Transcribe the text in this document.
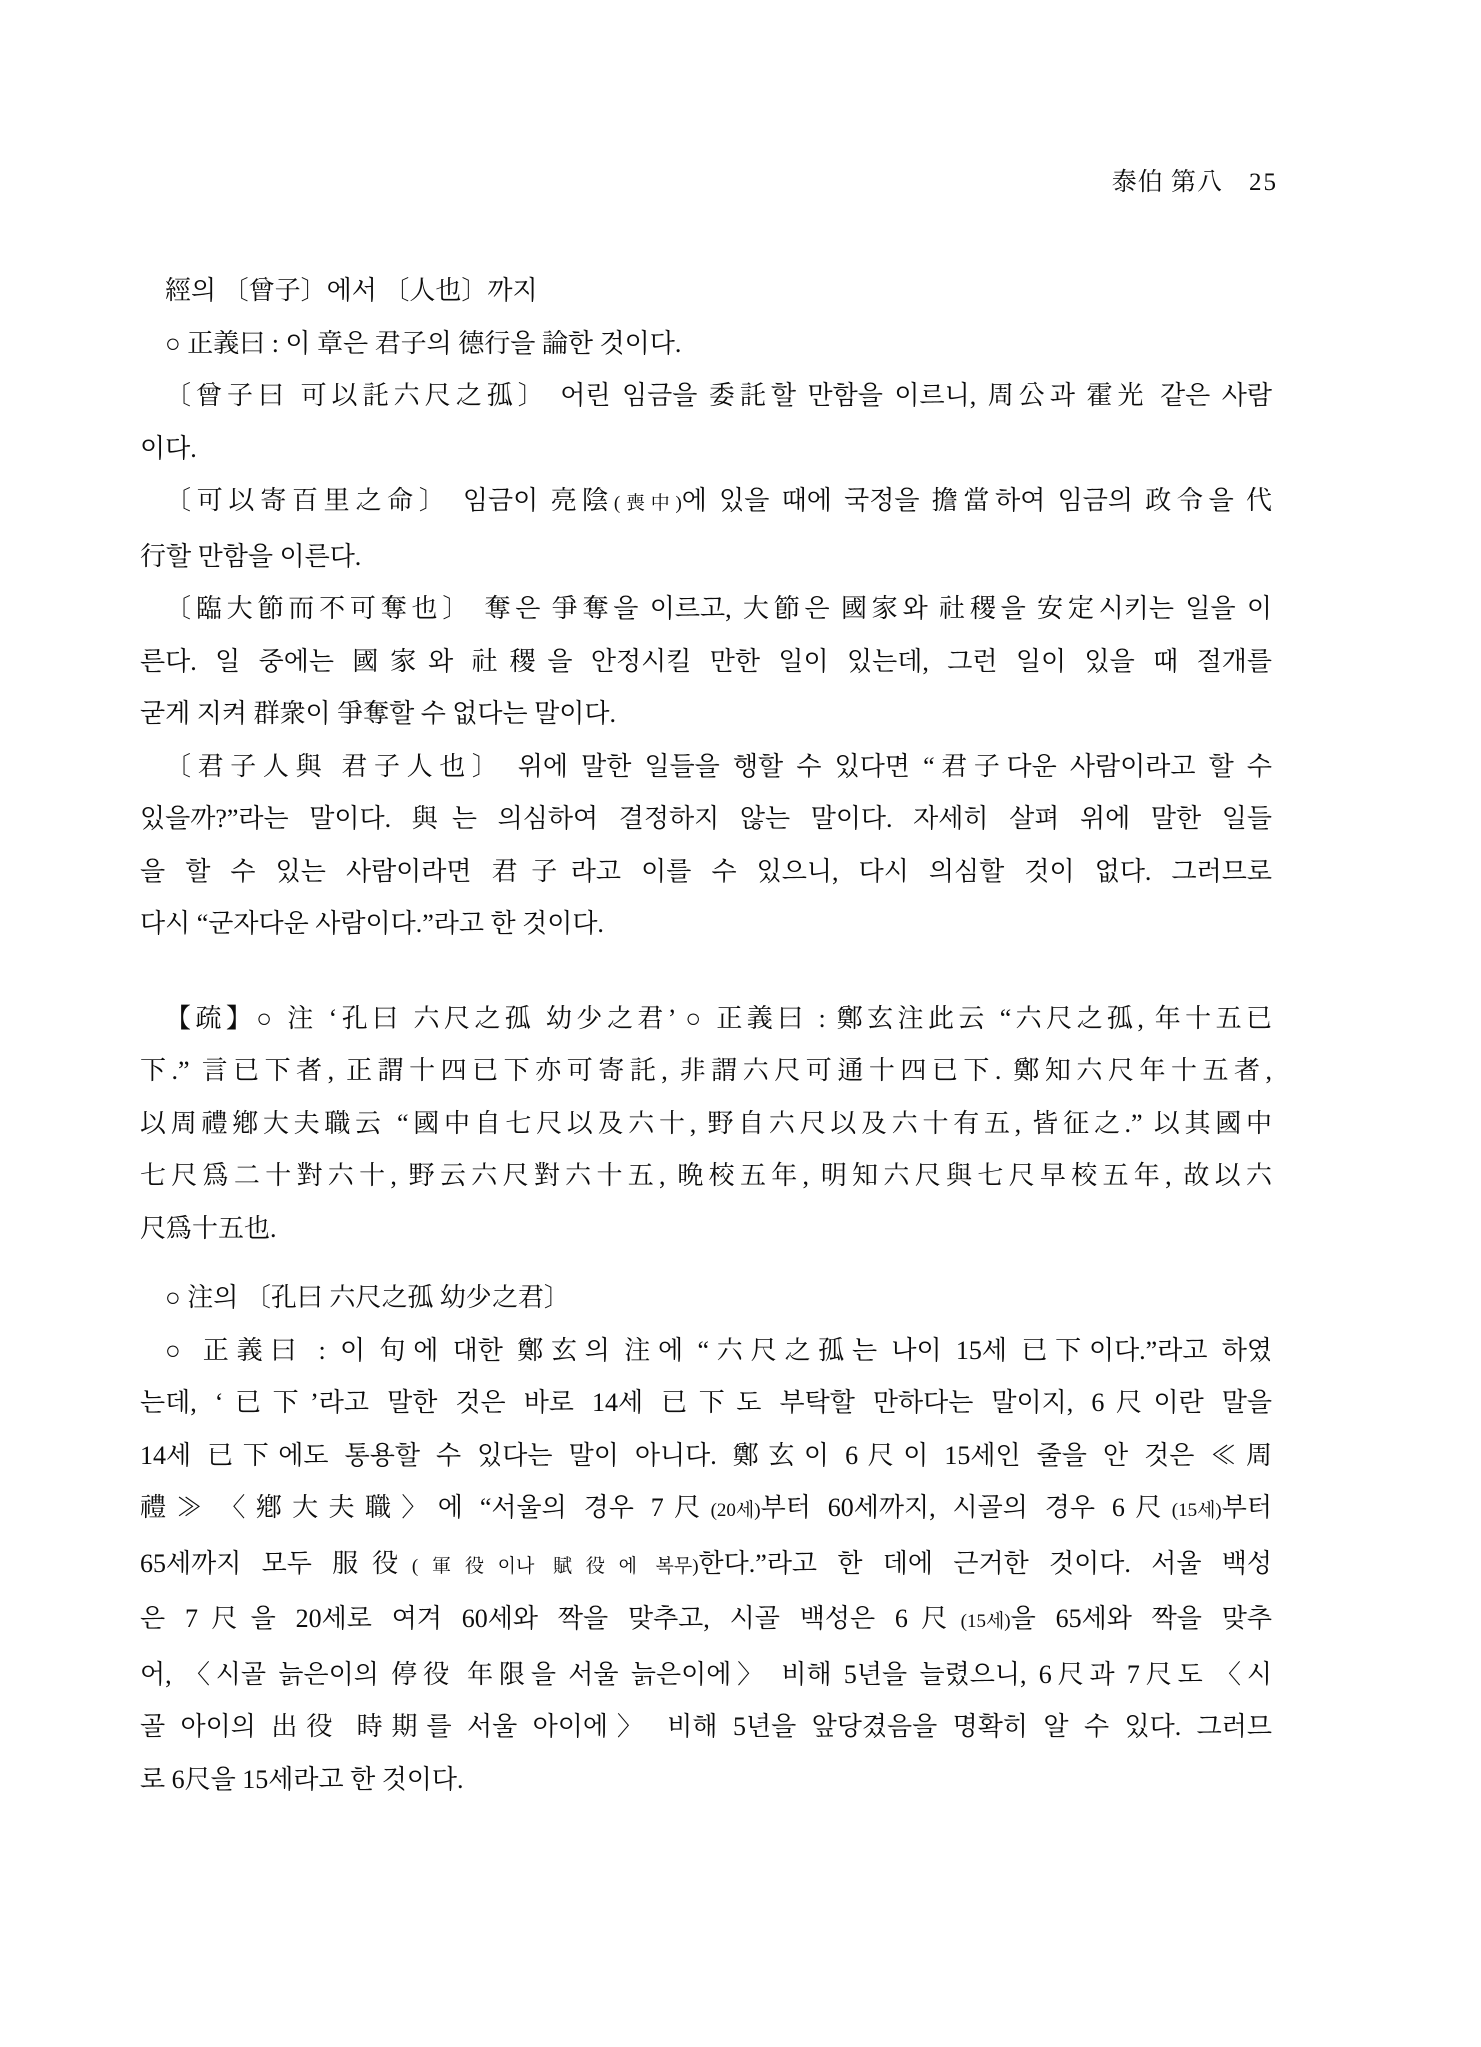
泰伯 第八 25
經의 〔曾子〕에서 〔人也〕까지
○ 正義曰 : 이 章은 君子의 德行을 論한 것이다.
〔曾子曰 可以託六尺之孤〕 어린 임금을 委託할 만함을 이르니, 周公과 霍光 같은 사람
이다.
〔可以寄百里之命〕 임금이 亮陰(喪中)에 있을 때에 국정을 擔當하여 임금의 政令을 代
行할 만함을 이른다.
〔臨大節而不可奪也〕 奪은 爭奪을 이르고, 大節은 國家와 社稷을 安定시키는 일을 이
른다. 일 중에는 國家와 社稷을 안정시킬 만한 일이 있는데, 그런 일이 있을 때 절개를
굳게 지켜 群衆이 爭奪할 수 없다는 말이다.
〔君子人與 君子人也〕 위에 말한 일들을 행할 수 있다면 “君子다운 사람이라고 할 수
있을까?”라는 말이다. 與는 의심하여 결정하지 않는 말이다. 자세히 살펴 위에 말한 일들
을 할 수 있는 사람이라면 君子라고 이를 수 있으니, 다시 의심할 것이 없다. 그러므로
다시 “군자다운 사람이다.”라고 한 것이다.
【疏】○ 注 ‘孔曰 六尺之孤 幼少之君’ ○ 正義曰 : 鄭玄注此云 “六尺之孤, 年十五已
下.” 言已下者, 正謂十四已下亦可寄託, 非謂六尺可通十四已下. 鄭知六尺年十五者,
以周禮鄕大夫職云 “國中自七尺以及六十, 野自六尺以及六十有五, 皆征之.” 以其國中
七尺爲二十對六十, 野云六尺對六十五, 晩校五年, 明知六尺與七尺早校五年, 故以六
尺爲十五也.
○ 注의 〔孔曰 六尺之孤 幼少之君〕
○ 正義曰 : 이 句에 대한 鄭玄의 注에 “六尺之孤는 나이 15세 已下이다.”라고 하였
는데, ‘已下’라고 말한 것은 바로 14세 已下도 부탁할 만하다는 말이지, 6尺이란 말을
14세 已下에도 통용할 수 있다는 말이 아니다. 鄭玄이 6尺이 15세인 줄을 안 것은 ≪周
禮≫ 〈鄕大夫職〉에 “서울의 경우 7尺(20세)부터 60세까지, 시골의 경우 6尺(15세)부터
65세까지 모두 服役(軍役이나 賦役에 복무)한다.”라고 한 데에 근거한 것이다. 서울 백성
은 7尺을 20세로 여겨 60세와 짝을 맞추고, 시골 백성은 6尺(15세)을 65세와 짝을 맞추
어, 〈시골 늙은이의 停役 年限을 서울 늙은이에〉 비해 5년을 늘렸으니, 6尺과 7尺도 〈시
골 아이의 出役 時期를 서울 아이에〉 비해 5년을 앞당겼음을 명확히 알 수 있다. 그러므
로 6尺을 15세라고 한 것이다.
